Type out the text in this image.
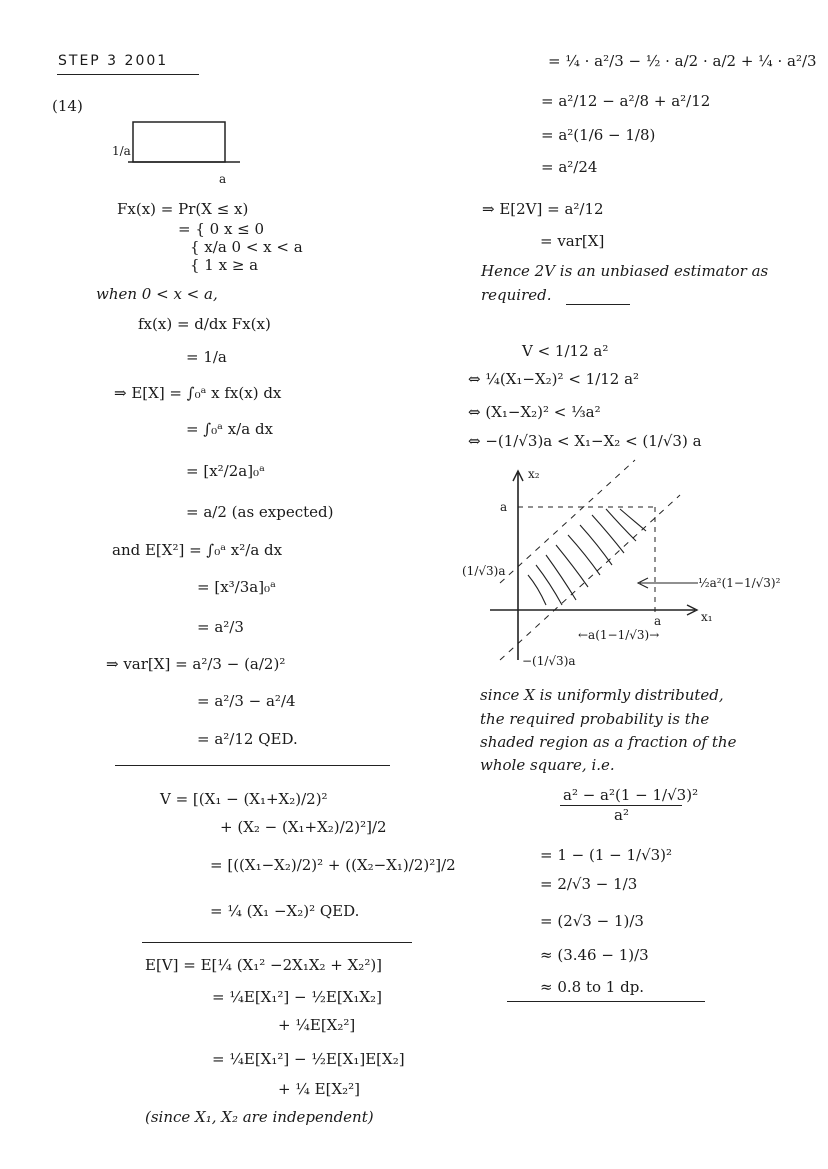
STEP 3 2001
(14)
1/a
a
Fx(x) = Pr(X ≤ x)
= { 0 x ≤ 0
{ x/a 0 < x < a
{ 1 x ≥ a
when 0 < x < a,
fx(x) = d/dx Fx(x)
= 1/a
⇒ E[X] = ∫₀ᵃ x fx(x) dx
= ∫₀ᵃ x/a dx
= [x²/2a]₀ᵃ
= a/2 (as expected)
and E[X²] = ∫₀ᵃ x²/a dx
= [x³/3a]₀ᵃ
= a²/3
⇒ var[X] = a²/3 − (a/2)²
= a²/3 − a²/4
= a²/12 QED.
V = [(X₁ − (X₁+X₂)/2)²
+ (X₂ − (X₁+X₂)/2)²]/2
= [((X₁−X₂)/2)² + ((X₂−X₁)/2)²]/2
= ¼ (X₁ −X₂)² QED.
E[V] = E[¼ (X₁² −2X₁X₂ + X₂²)]
= ¼E[X₁²] − ½E[X₁X₂]
+ ¼E[X₂²]
= ¼E[X₁²] − ½E[X₁]E[X₂]
+ ¼ E[X₂²]
(since X₁, X₂ are independent)
= ¼ · a²/3 − ½ · a/2 · a/2 + ¼ · a²/3
= a²/12 − a²/8 + a²/12
= a²(1/6 − 1/8)
= a²/24
⇒ E[2V] = a²/12
= var[X]
Hence 2V is an unbiased estimator as
required.
V < 1/12 a²
⇔ ¼(X₁−X₂)² < 1/12 a²
⇔ (X₁−X₂)² < ⅓a²
⇔ −(1/√3)a < X₁−X₂ < (1/√3) a
x₂
a
(1/√3)a
½a²(1−1/√3)²
a	x₁
←a(1−1/√3)→
−(1/√3)a
since X is uniformly distributed,
the required probability is the
shaded region as a fraction of the
whole square, i.e.
a² − a²(1 − 1/√3)²
a²
= 1 − (1 − 1/√3)²
= 2/√3 − 1/3
= (2√3 − 1)/3
≈ (3.46 − 1)/3
≈ 0.8 to 1 dp.
